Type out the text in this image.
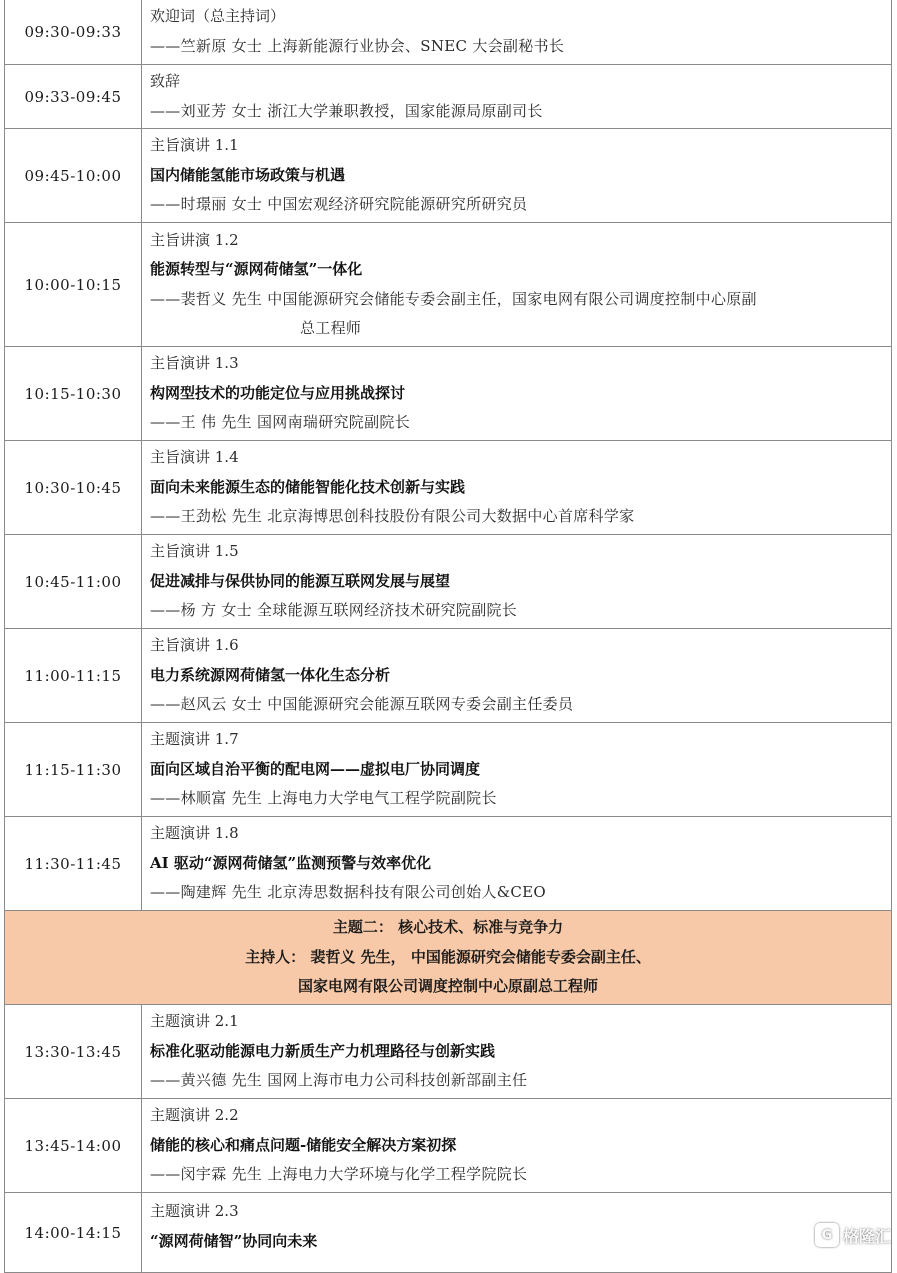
09:30-09:33	欢迎词（总主持词）
——竺新原 女士 上海新能源行业协会、SNEC 大会副秘书长

09:33-09:45	致辞
——刘亚芳 女士 浙江大学兼职教授，国家能源局原副司长

09:45-10:00	主旨演讲 1.1
国内储能氢能市场政策与机遇
——时璟丽 女士 中国宏观经济研究院能源研究所研究员

10:00-10:15	主旨讲演 1.2
能源转型与“源网荷储氢”一体化
——裴哲义 先生 中国能源研究会储能专委会副主任，国家电网有限公司调度控制中心原副
总工程师

10:15-10:30	主旨演讲 1.3
构网型技术的功能定位与应用挑战探讨
——王 伟 先生 国网南瑞研究院副院长

10:30-10:45	主旨演讲 1.4
面向未来能源生态的储能智能化技术创新与实践
——王劲松 先生 北京海博思创科技股份有限公司大数据中心首席科学家

10:45-11:00	主旨演讲 1.5
促进减排与保供协同的能源互联网发展与展望
——杨 方 女士 全球能源互联网经济技术研究院副院长

11:00-11:15	主旨演讲 1.6
电力系统源网荷储氢一体化生态分析
——赵风云 女士 中国能源研究会能源互联网专委会副主任委员

11:15-11:30	主题演讲 1.7
面向区域自治平衡的配电网——虚拟电厂协同调度
——林顺富 先生 上海电力大学电气工程学院副院长

11:30-11:45	主题演讲 1.8
AI 驱动“源网荷储氢”监测预警与效率优化
——陶建辉 先生 北京涛思数据科技有限公司创始人&CEO

主题二： 核心技术、标准与竞争力
主持人： 裴哲义 先生， 中国能源研究会储能专委会副主任、
国家电网有限公司调度控制中心原副总工程师	

13:30-13:45	主题演讲 2.1
标准化驱动能源电力新质生产力机理路径与创新实践
——黄兴德 先生 国网上海市电力公司科技创新部副主任

13:45-14:00	主题演讲 2.2
储能的核心和痛点问题-储能安全解决方案初探
——闵宇霖 先生 上海电力大学环境与化学工程学院院长

14:00-14:15	主题演讲 2.3
“源网荷储智”协同向未来	G 格隆汇
